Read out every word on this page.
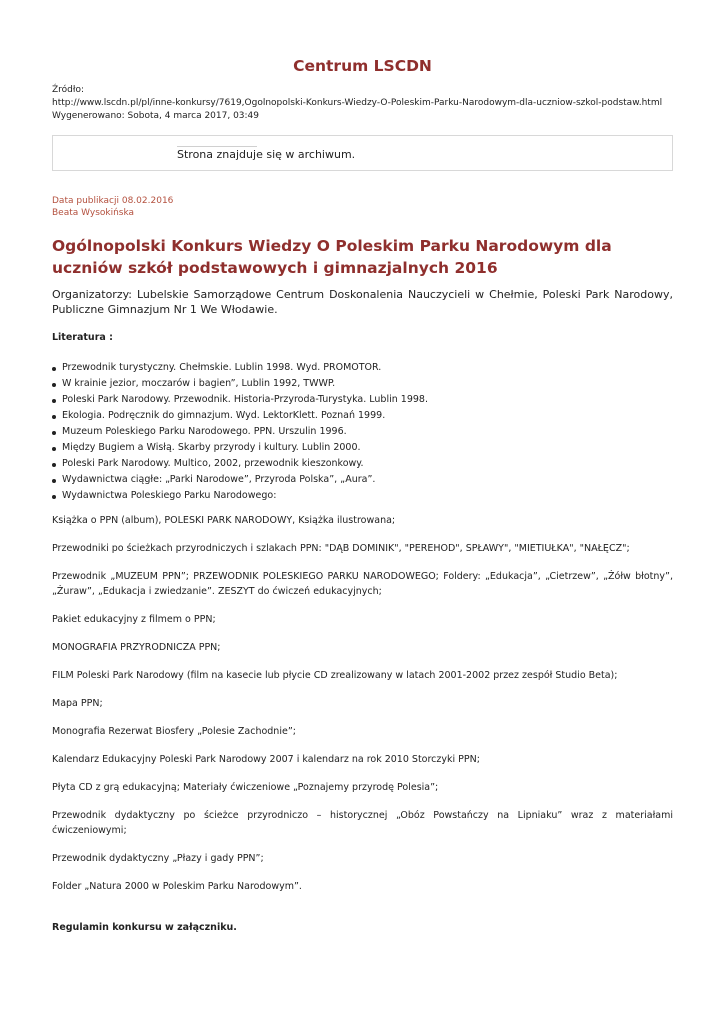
Centrum LSCDN
Źródło:
http://www.lscdn.pl/pl/inne-konkursy/7619,Ogolnopolski-Konkurs-Wiedzy-O-Poleskim-Parku-Narodowym-dla-uczniow-szkol-podstaw.html
Wygenerowano: Sobota, 4 marca 2017, 03:49
Strona znajduje się w archiwum.
Data publikacji 08.02.2016
Beata Wysokińska
Ogólnopolski Konkurs Wiedzy O Poleskim Parku Narodowym dla uczniów szkół podstawowych i gimnazjalnych 2016
Organizatorzy: Lubelskie Samorządowe Centrum Doskonalenia Nauczycieli w Chełmie, Poleski Park Narodowy, Publiczne Gimnazjum Nr 1 We Włodawie.
Literatura :
Przewodnik turystyczny. Chełmskie. Lublin 1998. Wyd. PROMOTOR.
W krainie jezior, moczarów i bagien”, Lublin 1992, TWWP.
Poleski Park Narodowy. Przewodnik. Historia-Przyroda-Turystyka. Lublin 1998.
Ekologia. Podręcznik do gimnazjum. Wyd. LektorKlett. Poznań 1999.
Muzeum Poleskiego Parku Narodowego. PPN. Urszulin 1996.
Między Bugiem a Wisłą. Skarby przyrody i kultury. Lublin 2000.
Poleski Park Narodowy. Multico, 2002, przewodnik kieszonkowy.
Wydawnictwa ciągłe: „Parki Narodowe”, Przyroda Polska”, „Aura”.
Wydawnictwa Poleskiego Parku Narodowego:

Książka o PPN (album), POLESKI PARK NARODOWY, Książka ilustrowana;

Przewodniki po ścieżkach przyrodniczych i szlakach PPN: "DĄB DOMINIK", "PEREHOD", SPŁAWY", "MIETIUŁKA", "NAŁĘCZ";

Przewodnik „MUZEUM PPN”; PRZEWODNIK POLESKIEGO PARKU NARODOWEGO; Foldery: „Edukacja”, „Cietrzew”, „Żółw błotny”, „Żuraw”, „Edukacja i zwiedzanie”. ZESZYT do ćwiczeń edukacyjnych;

Pakiet edukacyjny z filmem o PPN;

MONOGRAFIA PRZYRODNICZA PPN;

FILM Poleski Park Narodowy (film na kasecie lub płycie CD zrealizowany w latach 2001-2002 przez zespół Studio Beta);

Mapa PPN;

Monografia Rezerwat Biosfery „Polesie Zachodnie”;

Kalendarz Edukacyjny Poleski Park Narodowy 2007 i kalendarz na rok 2010 Storczyki PPN;

Płyta CD z grą edukacyjną; Materiały ćwiczeniowe „Poznajemy przyrodę Polesia”;

Przewodnik dydaktyczny po ścieżce przyrodniczo – historycznej „Obóz Powstańczy na Lipniaku” wraz z materiałami ćwiczeniowymi;

Przewodnik dydaktyczny „Płazy i gady PPN”;

Folder „Natura 2000 w Poleskim Parku Narodowym”.

Regulamin konkursu w załączniku.
